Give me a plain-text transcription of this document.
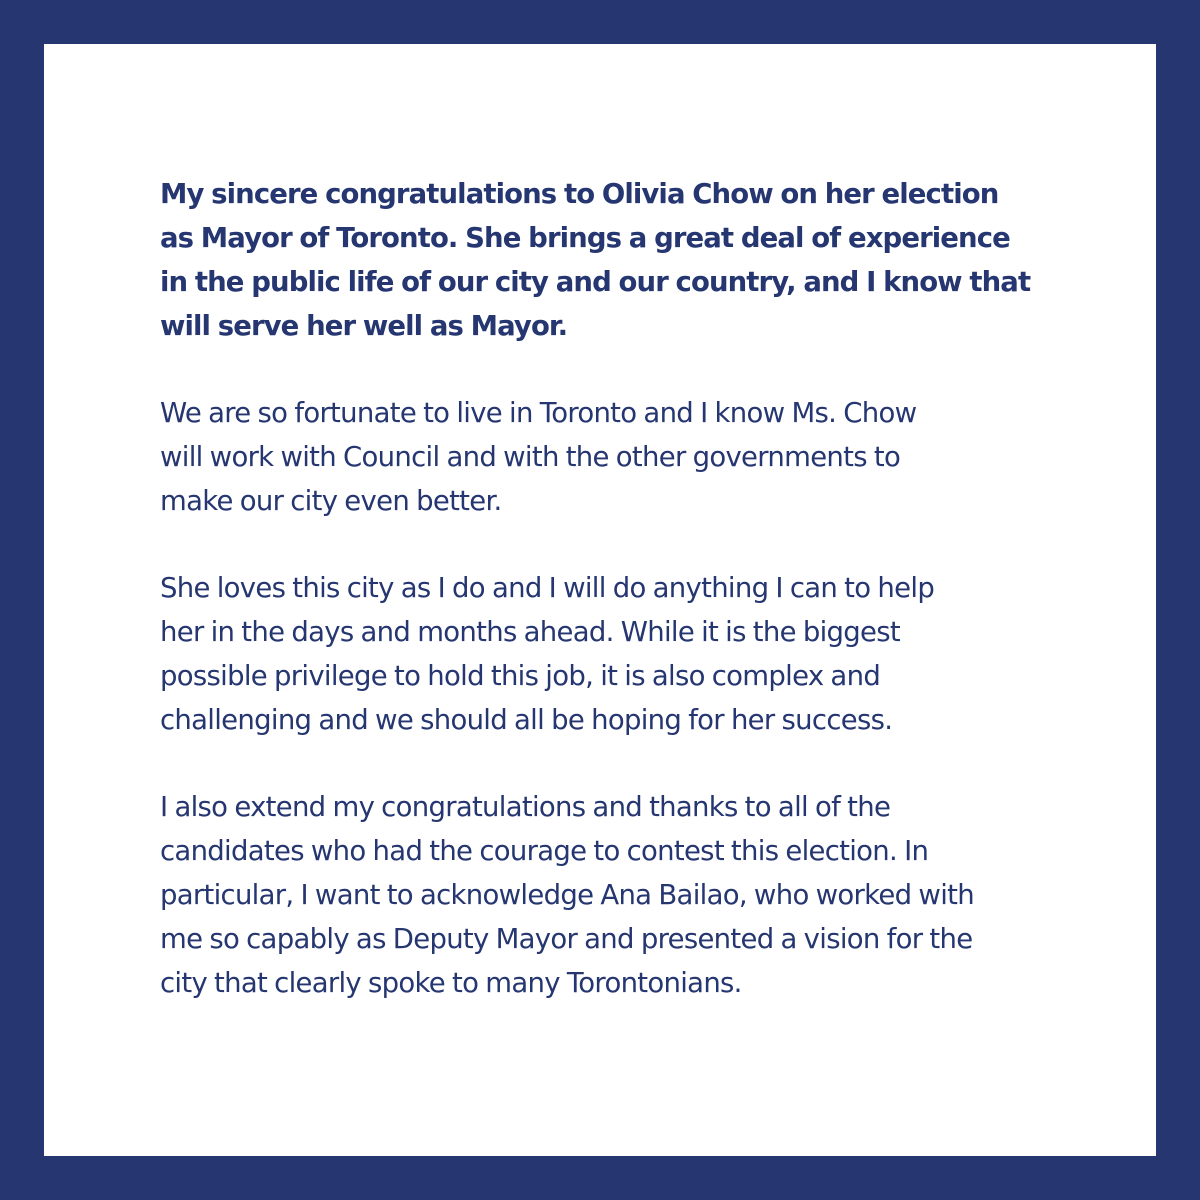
My sincere congratulations to Olivia Chow on her election
as Mayor of Toronto. She brings a great deal of experience
in the public life of our city and our country, and I know that
will serve her well as Mayor.

We are so fortunate to live in Toronto and I know Ms. Chow
will work with Council and with the other governments to
make our city even better.

She loves this city as I do and I will do anything I can to help
her in the days and months ahead. While it is the biggest
possible privilege to hold this job, it is also complex and
challenging and we should all be hoping for her success.

I also extend my congratulations and thanks to all of the
candidates who had the courage to contest this election. In
particular, I want to acknowledge Ana Bailao, who worked with
me so capably as Deputy Mayor and presented a vision for the
city that clearly spoke to many Torontonians.
